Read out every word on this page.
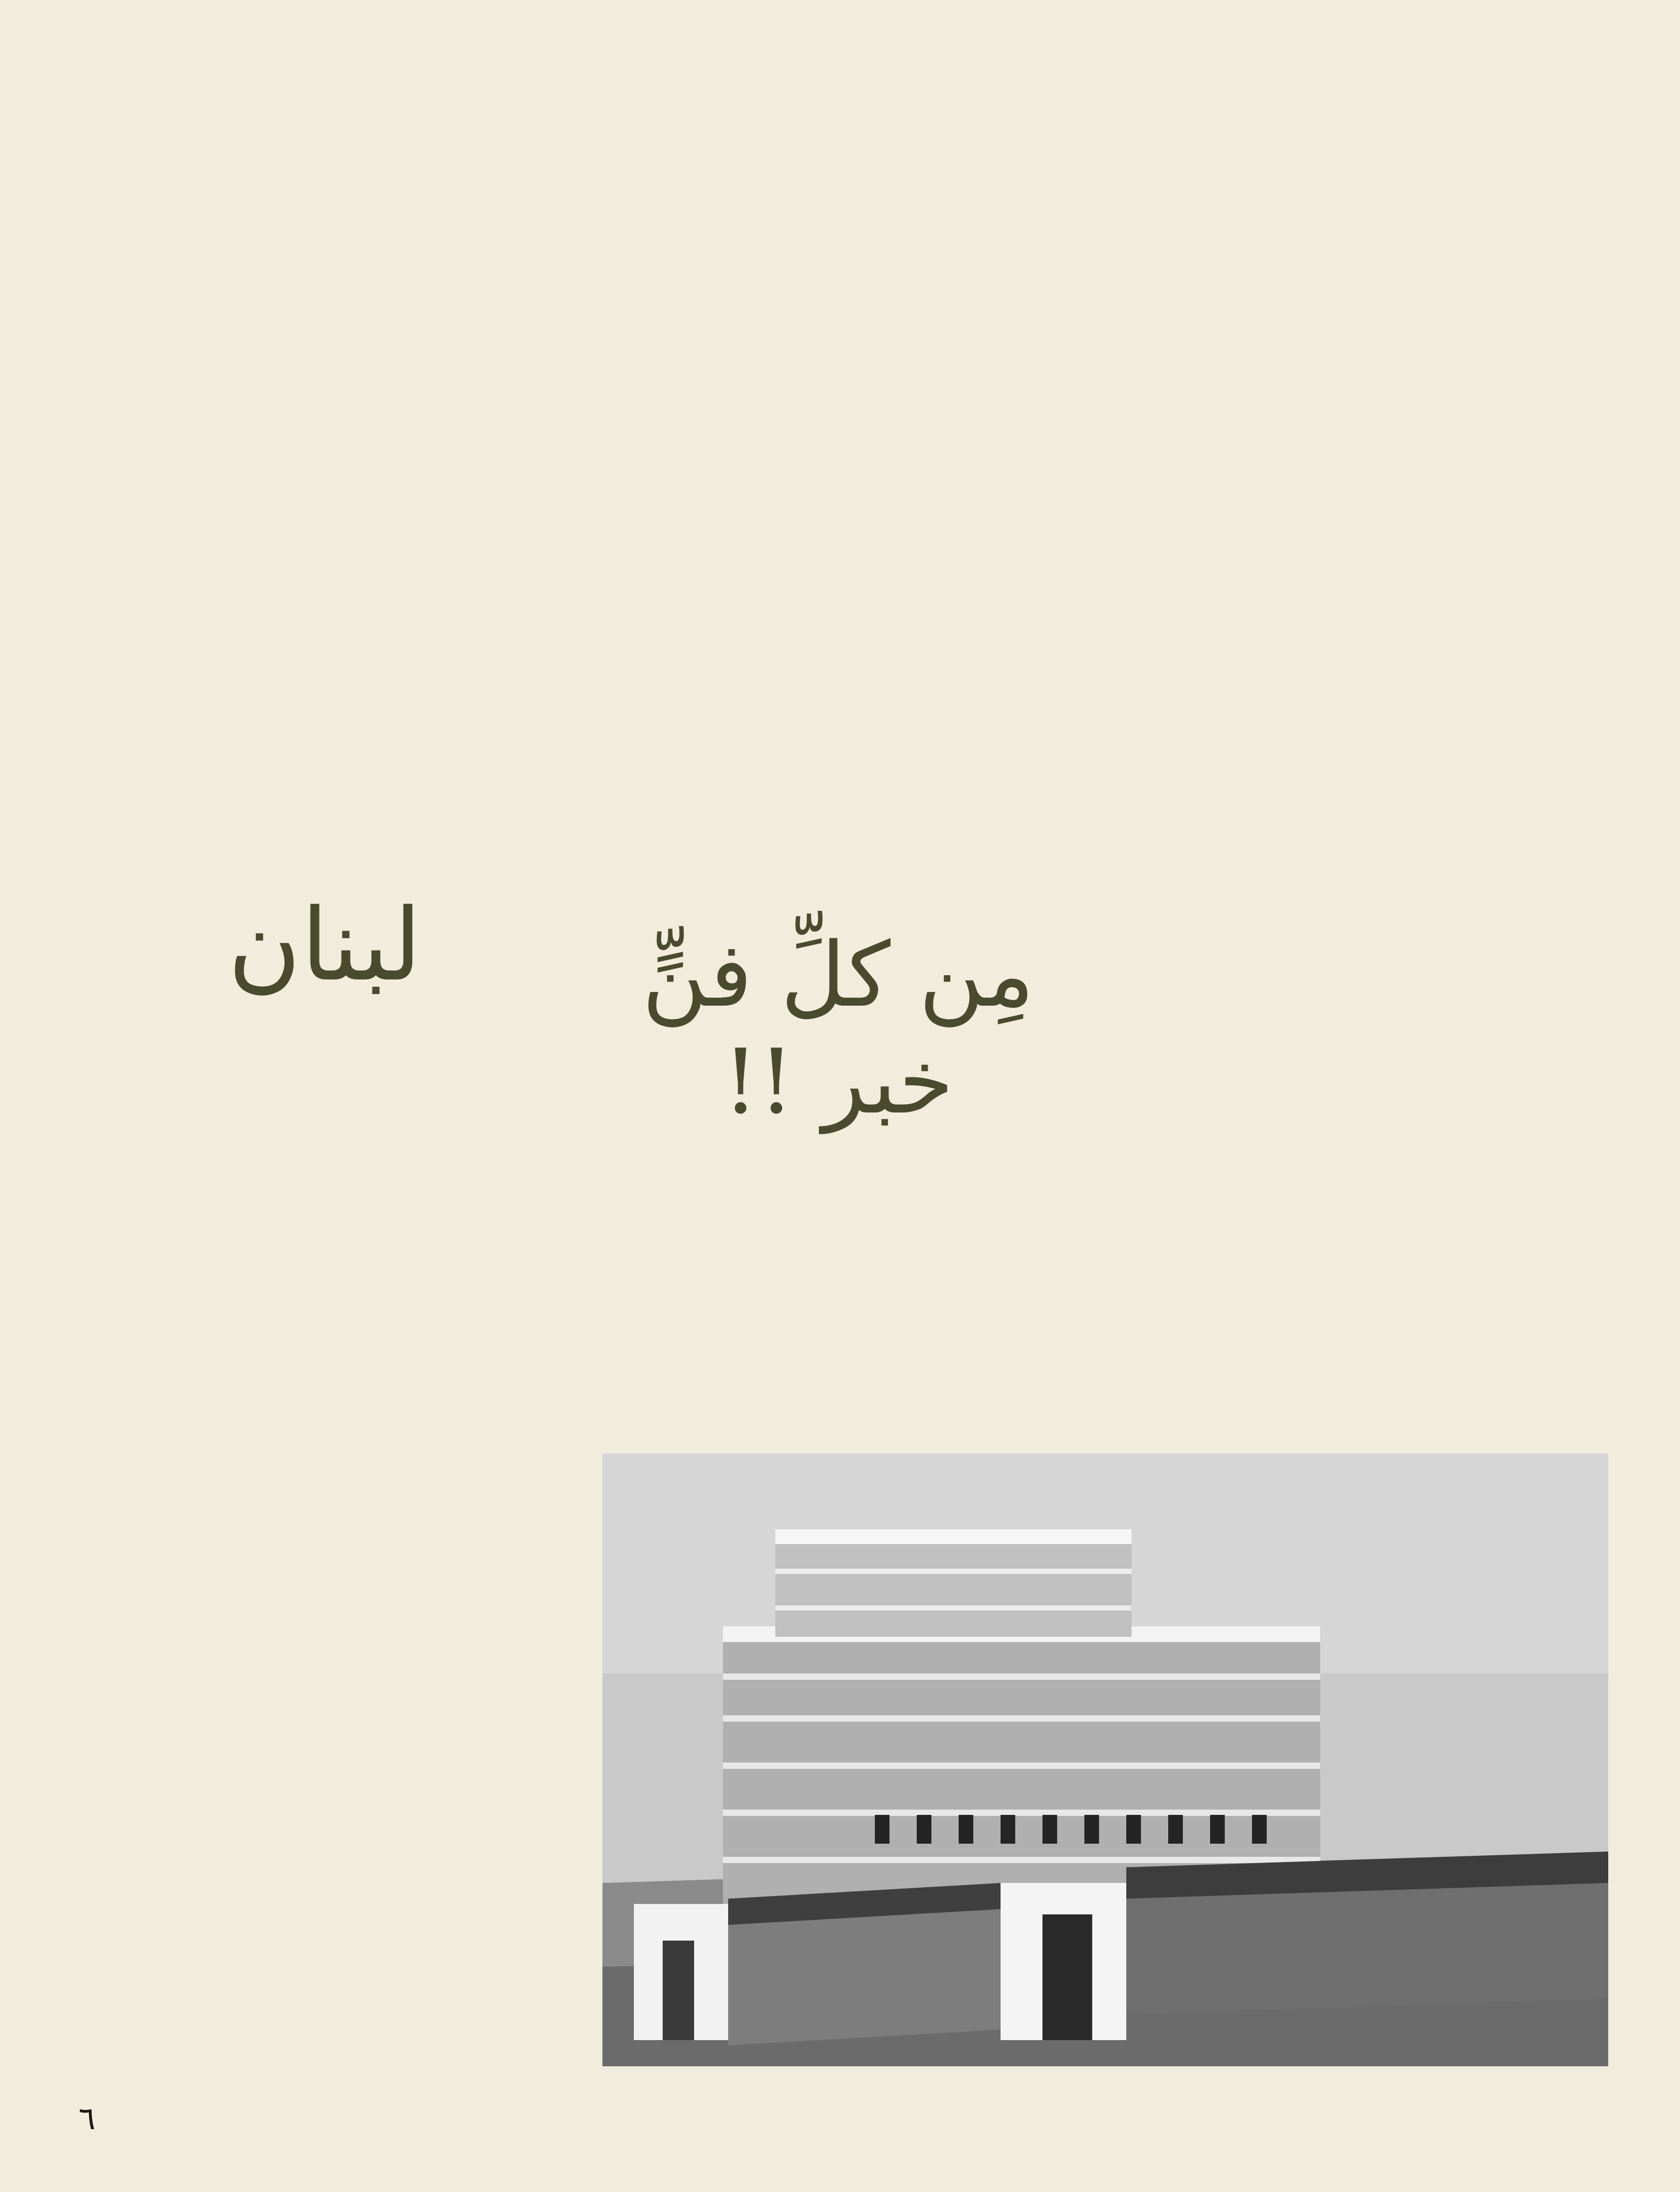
مِن كلِّ فنٍّ خبر !!
لبنان
٦
